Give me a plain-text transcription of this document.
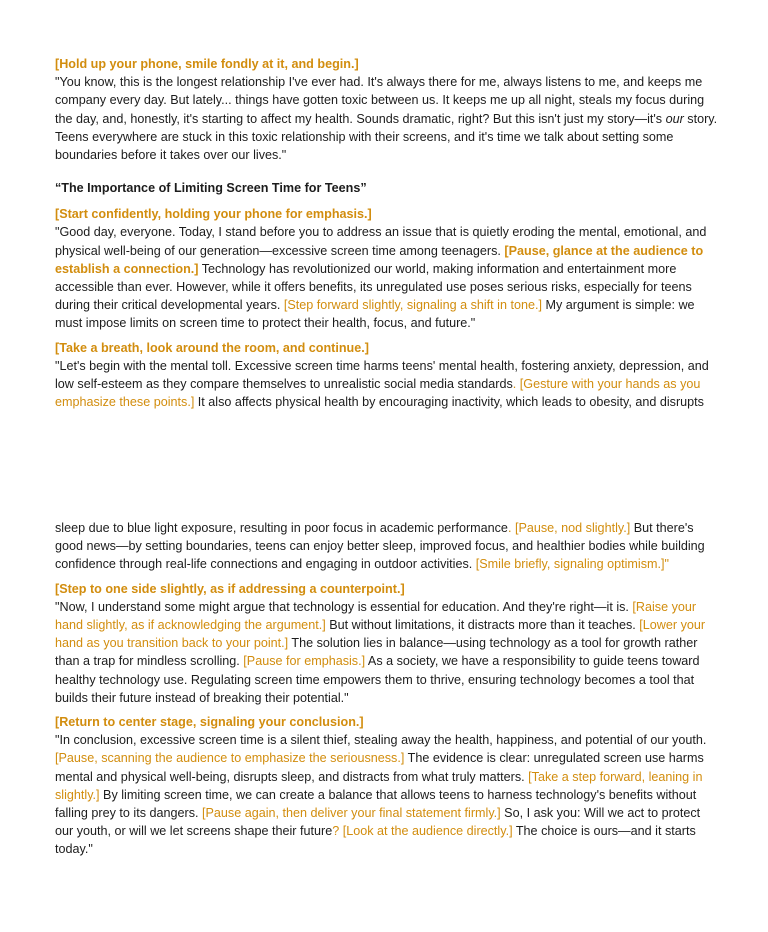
[Hold up your phone, smile fondly at it, and begin.]

"You know, this is the longest relationship I've ever had. It's always there for me, always listens to me, and keeps me company every day. But lately... things have gotten toxic between us. It keeps me up all night, steals my focus during the day, and, honestly, it's starting to affect my health. Sounds dramatic, right? But this isn't just my story—it's our story. Teens everywhere are stuck in this toxic relationship with their screens, and it's time we talk about setting some boundaries before it takes over our lives."

“The Importance of Limiting Screen Time for Teens”
[Start confidently, holding your phone for emphasis.]

"Good day, everyone. Today, I stand before you to address an issue that is quietly eroding the mental, emotional, and physical well-being of our generation—excessive screen time among teenagers. [Pause, glance at the audience to establish a connection.] Technology has revolutionized our world, making information and entertainment more accessible than ever. However, while it offers benefits, its unregulated use poses serious risks, especially for teens during their critical developmental years. [Step forward slightly, signaling a shift in tone.] My argument is simple: we must impose limits on screen time to protect their health, focus, and future."

[Take a breath, look around the room, and continue.]

"Let's begin with the mental toll. Excessive screen time harms teens' mental health, fostering anxiety, depression, and low self-esteem as they compare themselves to unrealistic social media standards. [Gesture with your hands as you emphasize these points.] It also affects physical health by encouraging inactivity, which leads to obesity, and disrupts

sleep due to blue light exposure, resulting in poor focus in academic performance. [Pause, nod slightly.] But there's good news—by setting boundaries, teens can enjoy better sleep, improved focus, and healthier bodies while building confidence through real-life connections and engaging in outdoor activities. [Smile briefly, signaling optimism.]"

[Step to one side slightly, as if addressing a counterpoint.]

"Now, I understand some might argue that technology is essential for education. And they're right—it is. [Raise your hand slightly, as if acknowledging the argument.] But without limitations, it distracts more than it teaches. [Lower your hand as you transition back to your point.] The solution lies in balance—using technology as a tool for growth rather than a trap for mindless scrolling. [Pause for emphasis.] As a society, we have a responsibility to guide teens toward healthy technology use. Regulating screen time empowers them to thrive, ensuring technology becomes a tool that builds their future instead of breaking their potential."

[Return to center stage, signaling your conclusion.]

"In conclusion, excessive screen time is a silent thief, stealing away the health, happiness, and potential of our youth. [Pause, scanning the audience to emphasize the seriousness.] The evidence is clear: unregulated screen use harms mental and physical well-being, disrupts sleep, and distracts from what truly matters. [Take a step forward, leaning in slightly.] By limiting screen time, we can create a balance that allows teens to harness technology's benefits without falling prey to its dangers. [Pause again, then deliver your final statement firmly.] So, I ask you: Will we act to protect our youth, or will we let screens shape their future? [Look at the audience directly.] The choice is ours—and it starts today."
